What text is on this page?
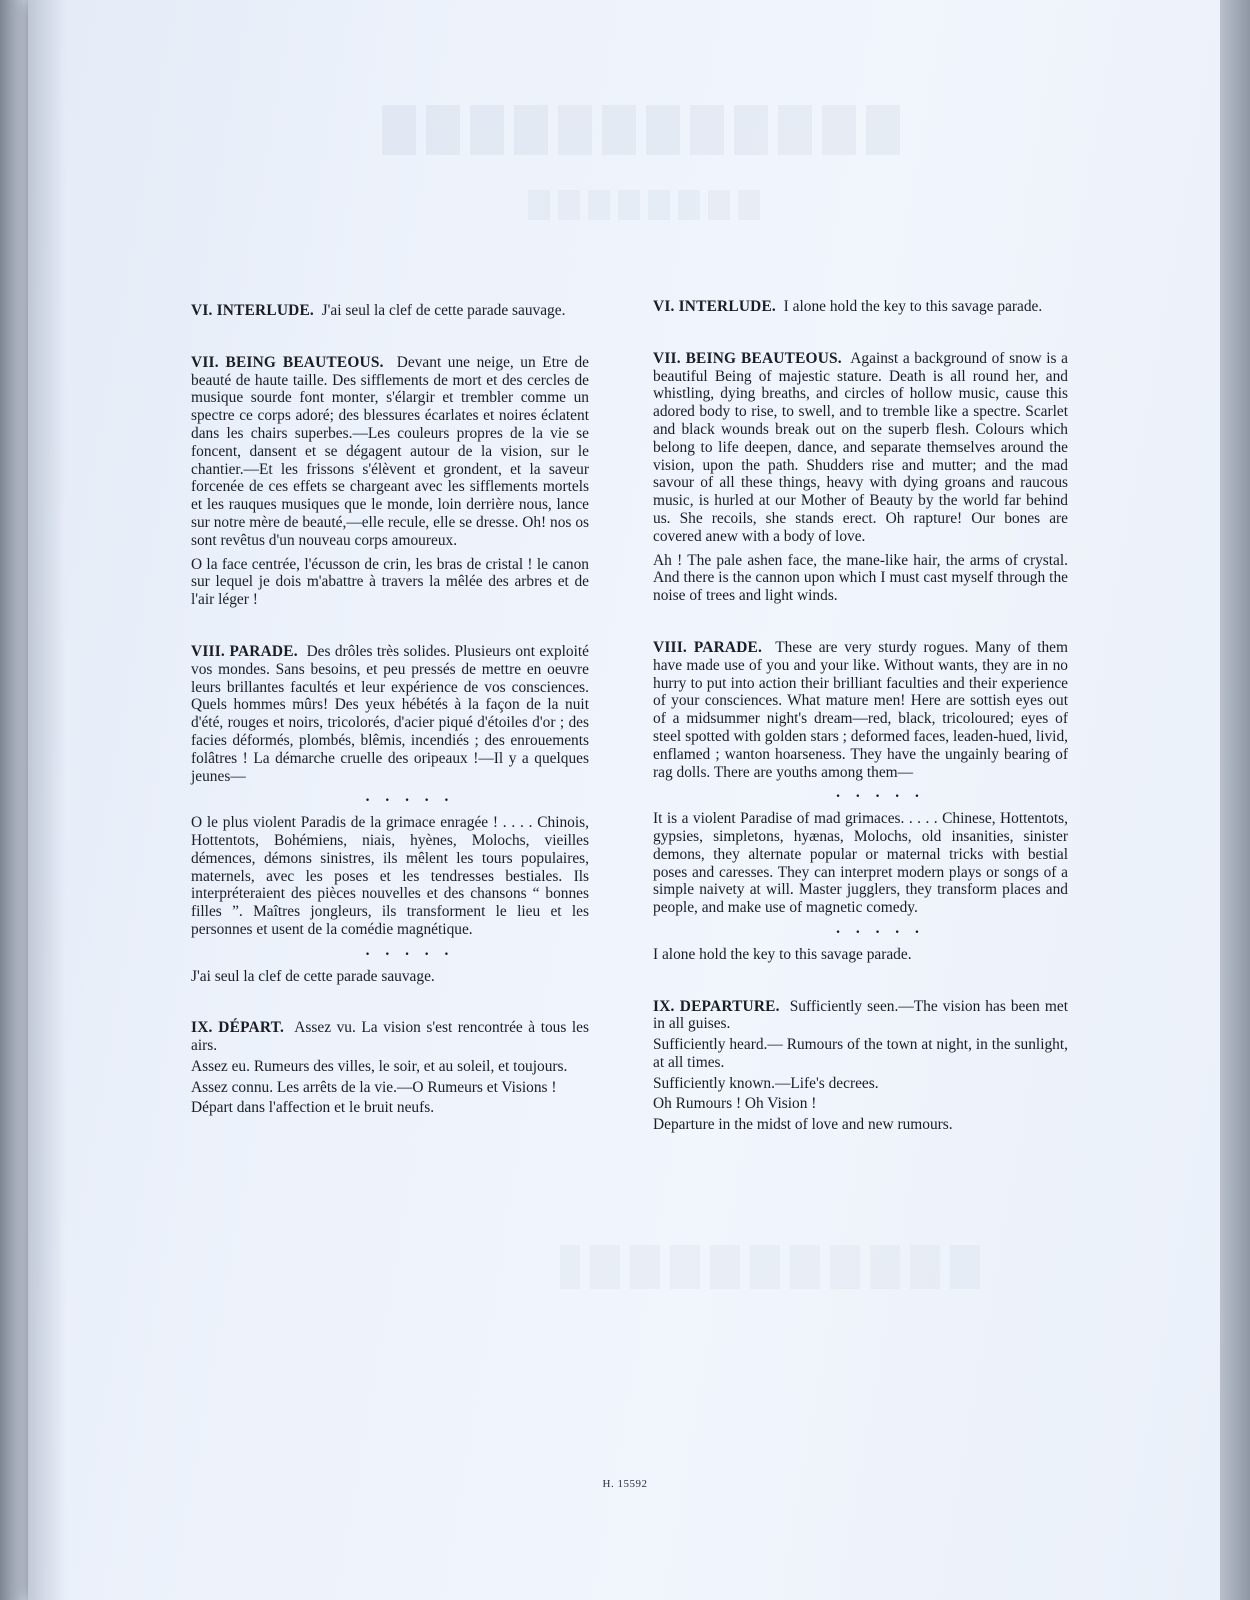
VI. INTERLUDE. J'ai seul la clef de cette parade sauvage.

VII. BEING BEAUTEOUS. Devant une neige, un Etre de beauté de haute taille. Des sifflements de mort et des cercles de musique sourde font monter, s'élargir et trembler comme un spectre ce corps adoré; des blessures écarlates et noires éclatent dans les chairs superbes.—Les couleurs propres de la vie se foncent, dansent et se dégagent autour de la vision, sur le chantier.—Et les frissons s'élèvent et grondent, et la saveur forcenée de ces effets se chargeant avec les sifflements mortels et les rauques musiques que le monde, loin derrière nous, lance sur notre mère de beauté,—elle recule, elle se dresse. Oh! nos os sont revêtus d'un nouveau corps amoureux.

O la face centrée, l'écusson de crin, les bras de cristal ! le canon sur lequel je dois m'abattre à travers la mêlée des arbres et de l'air léger !

VIII. PARADE. Des drôles très solides. Plusieurs ont exploité vos mondes. Sans besoins, et peu pressés de mettre en oeuvre leurs brillantes facultés et leur expérience de vos consciences. Quels hommes mûrs! Des yeux hébétés à la façon de la nuit d'été, rouges et noirs, tricolorés, d'acier piqué d'étoiles d'or ; des facies déformés, plombés, blêmis, incendiés ; des enrouements folâtres ! La démarche cruelle des oripeaux !—Il y a quelques jeunes—

. . . . .

O le plus violent Paradis de la grimace enragée ! . . . . Chinois, Hottentots, Bohémiens, niais, hyènes, Molochs, vieilles démences, démons sinistres, ils mêlent les tours populaires, maternels, avec les poses et les tendresses bestiales. Ils interpréteraient des pièces nouvelles et des chansons “ bonnes filles ”. Maîtres jongleurs, ils transforment le lieu et les personnes et usent de la comédie magnétique.

. . . . .

J'ai seul la clef de cette parade sauvage.

IX. DÉPART. Assez vu. La vision s'est rencontrée à tous les airs.

Assez eu. Rumeurs des villes, le soir, et au soleil, et toujours.

Assez connu. Les arrêts de la vie.—O Rumeurs et Visions !

Départ dans l'affection et le bruit neufs.

VI. INTERLUDE. I alone hold the key to this savage parade.

VII. BEING BEAUTEOUS. Against a background of snow is a beautiful Being of majestic stature. Death is all round her, and whistling, dying breaths, and circles of hollow music, cause this adored body to rise, to swell, and to tremble like a spectre. Scarlet and black wounds break out on the superb flesh. Colours which belong to life deepen, dance, and separate themselves around the vision, upon the path. Shudders rise and mutter; and the mad savour of all these things, heavy with dying groans and raucous music, is hurled at our Mother of Beauty by the world far behind us. She recoils, she stands erect. Oh rapture! Our bones are covered anew with a body of love.

Ah ! The pale ashen face, the mane-like hair, the arms of crystal. And there is the cannon upon which I must cast myself through the noise of trees and light winds.

VIII. PARADE. These are very sturdy rogues. Many of them have made use of you and your like. Without wants, they are in no hurry to put into action their brilliant faculties and their experience of your consciences. What mature men! Here are sottish eyes out of a midsummer night's dream—red, black, tricoloured; eyes of steel spotted with golden stars ; deformed faces, leaden-hued, livid, enflamed ; wanton hoarseness. They have the ungainly bearing of rag dolls. There are youths among them—

. . . . .

It is a violent Paradise of mad grimaces. . . . . Chinese, Hottentots, gypsies, simpletons, hyænas, Molochs, old insanities, sinister demons, they alternate popular or maternal tricks with bestial poses and caresses. They can interpret modern plays or songs of a simple naivety at will. Master jugglers, they transform places and people, and make use of magnetic comedy.

. . . . .

I alone hold the key to this savage parade.

IX. DEPARTURE. Sufficiently seen.—The vision has been met in all guises.

Sufficiently heard.— Rumours of the town at night, in the sunlight, at all times.

Sufficiently known.—Life's decrees.

Oh Rumours ! Oh Vision !

Departure in the midst of love and new rumours.

H. 15592
